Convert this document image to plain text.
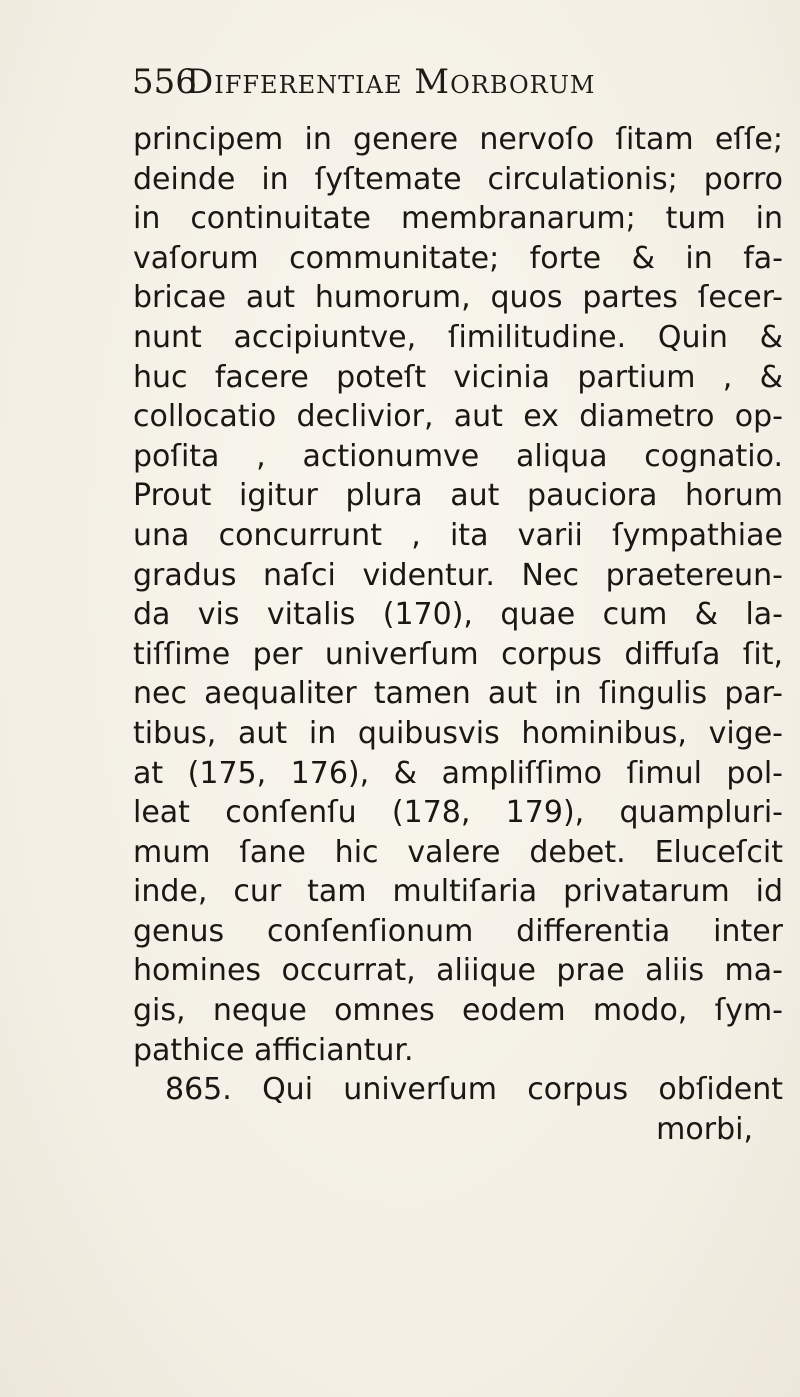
556
Differentiae Morborum
principem in genere nervoſo ſitam eſſe;
deinde in ſyſtemate circulationis; porro
in continuitate membranarum; tum in
vaſorum communitate; forte & in fa-
bricae aut humorum, quos partes ſecer-
nunt accipiuntve, ſimilitudine. Quin &
huc facere poteſt vicinia partium , &
collocatio declivior, aut ex diametro op-
poſita , actionumve aliqua cognatio.
Prout igitur plura aut pauciora horum
una concurrunt , ita varii ſympathiae
gradus naſci videntur. Nec praetereun-
da vis vitalis (170), quae cum & la-
tiſſime per univerſum corpus diffuſa ſit,
nec aequaliter tamen aut in ſingulis par-
tibus, aut in quibusvis hominibus, vige-
at (175, 176), & ampliſſimo ſimul pol-
leat conſenſu (178, 179), quampluri-
mum ſane hic valere debet. Eluceſcit
inde, cur tam multiſaria privatarum id
genus conſenſionum differentia inter
homines occurrat, aliique prae aliis ma-
gis, neque omnes eodem modo, ſym-
pathice afficiantur.
865. Qui univerſum corpus obſident
morbi,
